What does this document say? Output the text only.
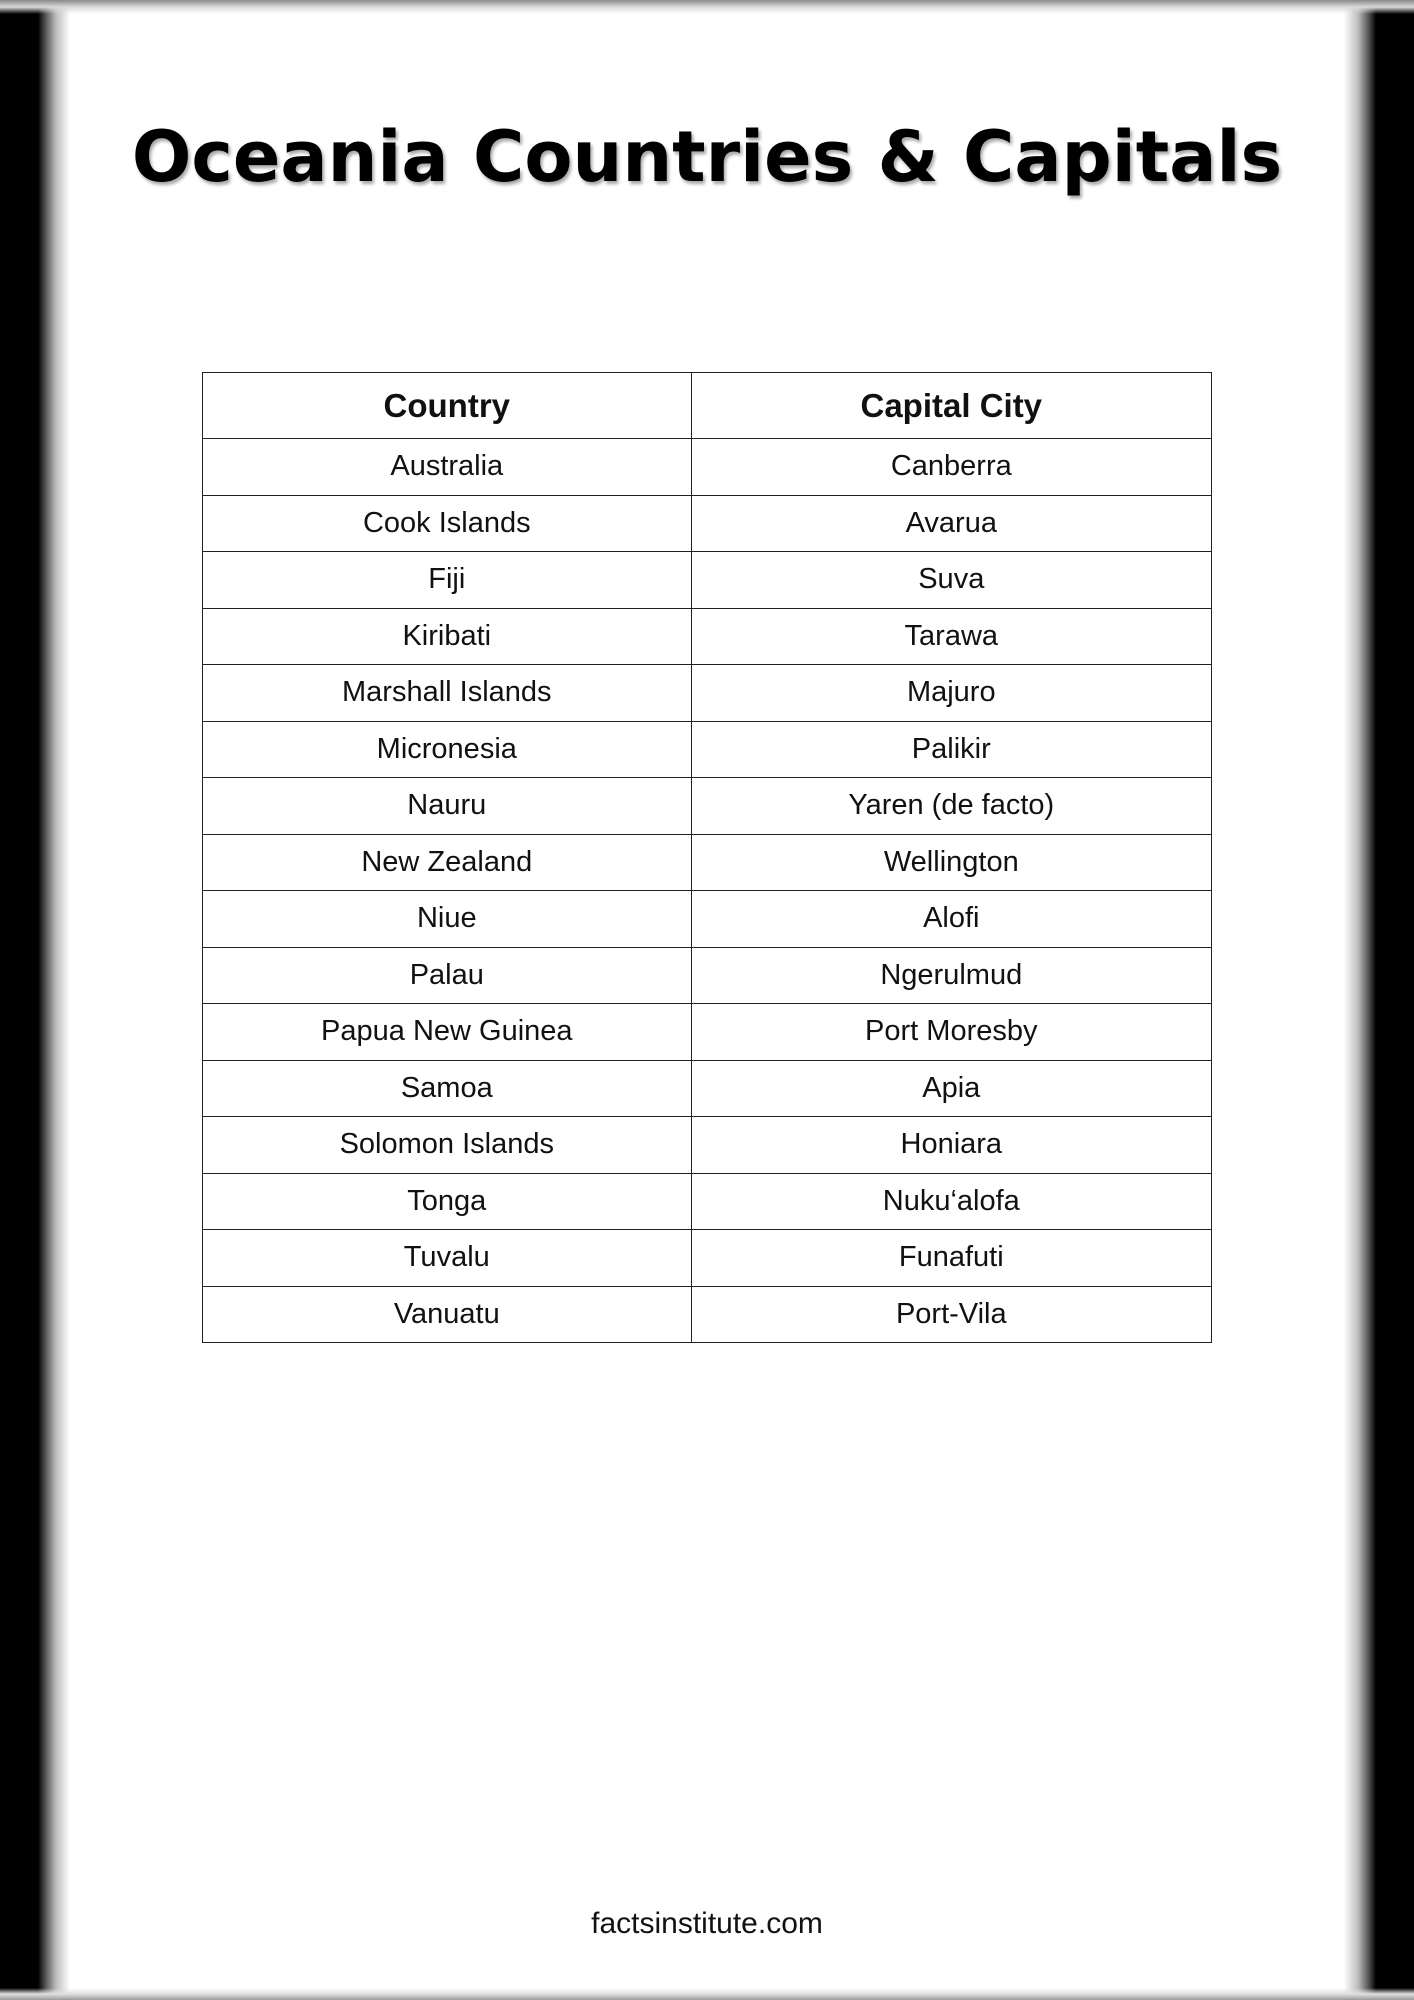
Oceania Countries & Capitals
Country	Capital City
Australia	Canberra
Cook Islands	Avarua
Fiji	Suva
Kiribati	Tarawa
Marshall Islands	Majuro
Micronesia	Palikir
Nauru	Yaren (de facto)
New Zealand	Wellington
Niue	Alofi
Palau	Ngerulmud
Papua New Guinea	Port Moresby
Samoa	Apia
Solomon Islands	Honiara
Tonga	Nuku‘alofa
Tuvalu	Funafuti
Vanuatu	Port-Vila
factsinstitute.com
